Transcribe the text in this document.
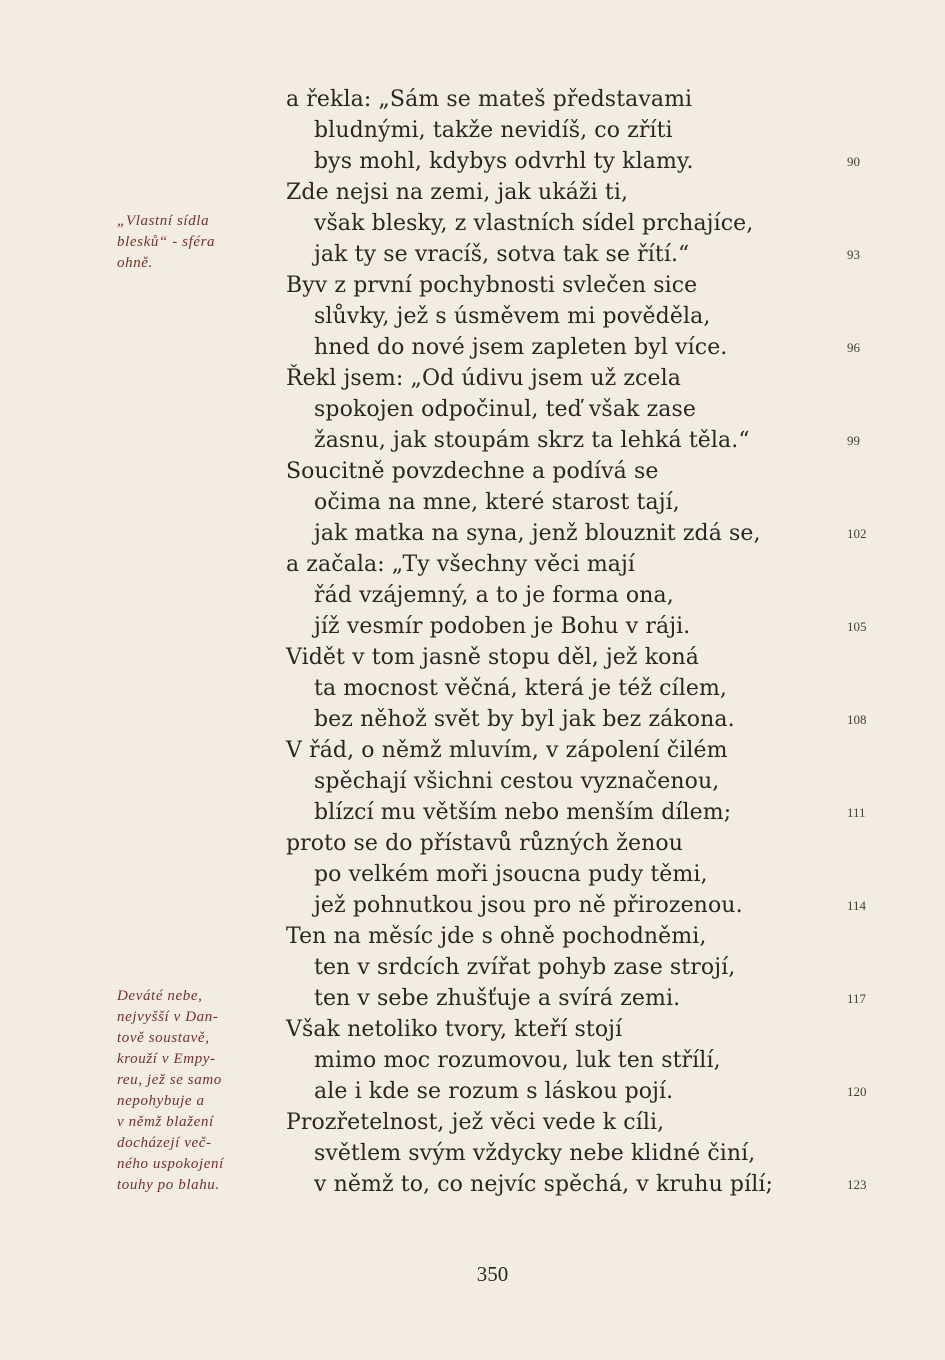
a řekla: „Sám se mateš představami
bludnými, takže nevidíš, co zříti
bys mohl, kdybys odvrhl ty klamy.
Zde nejsi na zemi, jak ukáži ti,
však blesky, z vlastních sídel prchajíce,
jak ty se vracíš, sotva tak se řítí.“
Byv z první pochybnosti svlečen sice
slůvky, jež s úsměvem mi pověděla,
hned do nové jsem zapleten byl více.
Řekl jsem: „Od údivu jsem už zcela
spokojen odpočinul, teď však zase
žasnu, jak stoupám skrz ta lehká těla.“
Soucitně povzdechne a podívá se
očima na mne, které starost tají,
jak matka na syna, jenž blouznit zdá se,
a začala: „Ty všechny věci mají
řád vzájemný, a to je forma ona,
jíž vesmír podoben je Bohu v ráji.
Vidět v tom jasně stopu děl, jež koná
ta mocnost věčná, která je též cílem,
bez něhož svět by byl jak bez zákona.
V řád, o němž mluvím, v zápolení čilém
spěchají všichni cestou vyznačenou,
blízcí mu větším nebo menším dílem;
proto se do přístavů různých ženou
po velkém moři jsoucna pudy těmi,
jež pohnutkou jsou pro ně přirozenou.
Ten na měsíc jde s ohně pochodněmi,
ten v srdcích zvířat pohyb zase strojí,
ten v sebe zhušťuje a svírá zemi.
Však netoliko tvory, kteří stojí
mimo moc rozumovou, luk ten střílí,
ale i kde se rozum s láskou pojí.
Prozřetelnost, jež věci vede k cíli,
světlem svým vždycky nebe klidné činí,
v němž to, co nejvíc spěchá, v kruhu pílí;
90
93
96
99
102
105
108
111
114
117
120
123
„Vlastní sídla
blesků“ - sféra
ohně.
Deváté nebe,
nejvyšší v Dan-
tově soustavě,
krouží v Empy-
reu, jež se samo
nepohybuje a
v němž blažení
docházejí več-
ného uspokojení
touhy po blahu.
350
